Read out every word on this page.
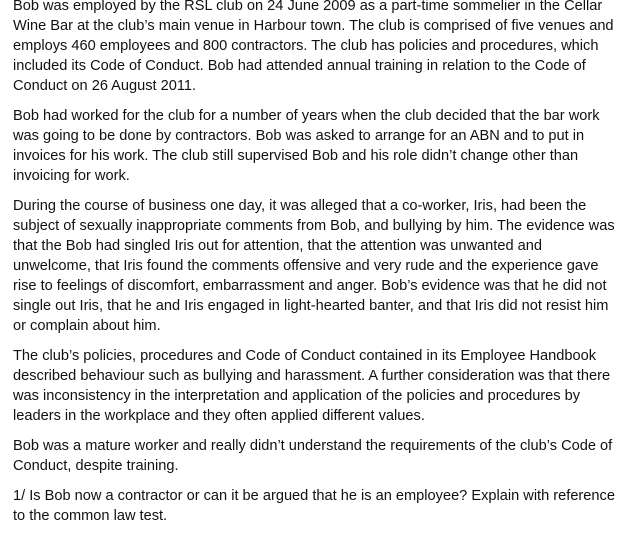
Bob was employed by the RSL club on 24 June 2009 as a part-time sommelier in the Cellar Wine Bar at the club’s main venue in Harbour town. The club is comprised of five venues and employs 460 employees and 800 contractors. The club has policies and procedures, which included its Code of Conduct. Bob had attended annual training in relation to the Code of Conduct on 26 August 2011.

Bob had worked for the club for a number of years when the club decided that the bar work was going to be done by contractors. Bob was asked to arrange for an ABN and to put in invoices for his work. The club still supervised Bob and his role didn’t change other than invoicing for work.

During the course of business one day, it was alleged that a co-worker, Iris, had been the subject of sexually inappropriate comments from Bob, and bullying by him. The evidence was that the Bob had singled Iris out for attention, that the attention was unwanted and unwelcome, that Iris found the comments offensive and very rude and the experience gave rise to feelings of discomfort, embarrassment and anger. Bob’s evidence was that he did not single out Iris, that he and Iris engaged in light-hearted banter, and that Iris did not resist him or complain about him.

The club’s policies, procedures and Code of Conduct contained in its Employee Handbook described behaviour such as bullying and harassment. A further consideration was that there was inconsistency in the interpretation and application of the policies and procedures by leaders in the workplace and they often applied different values.

Bob was a mature worker and really didn’t understand the requirements of the club’s Code of Conduct, despite training.

1/ Is Bob now a contractor or can it be argued that he is an employee? Explain with reference to the common law test.
